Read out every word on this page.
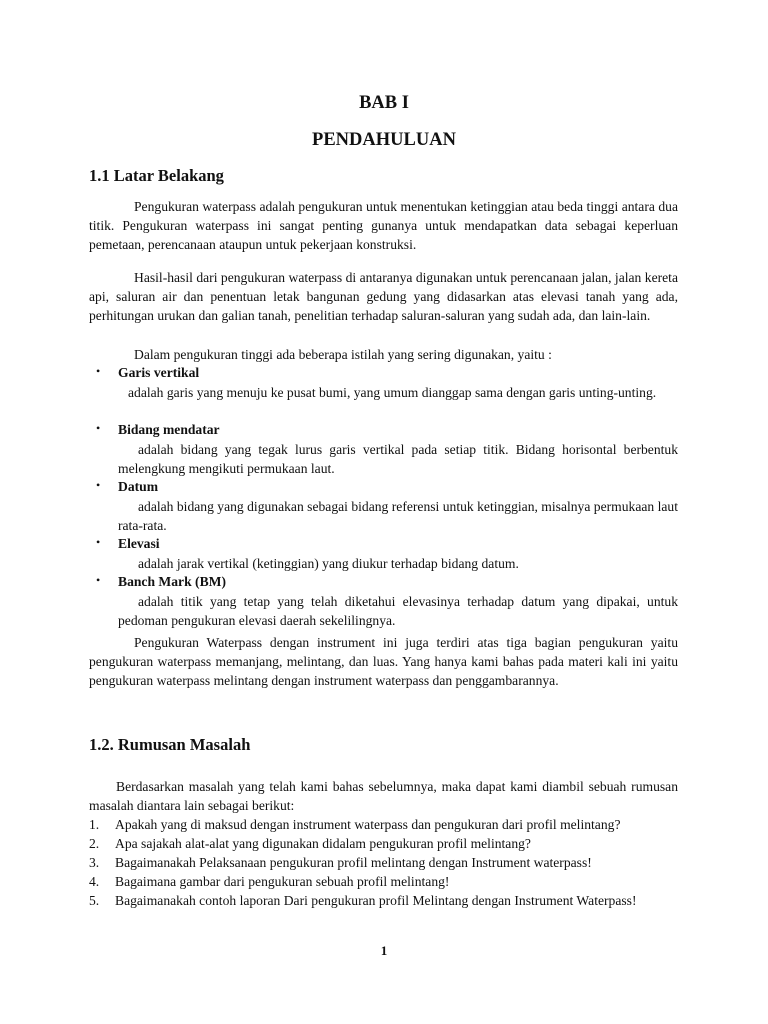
BAB I
PENDAHULUAN
1.1 Latar Belakang
Pengukuran waterpass adalah pengukuran untuk menentukan ketinggian atau beda tinggi antara dua titik. Pengukuran waterpass ini sangat penting gunanya untuk mendapatkan data sebagai keperluan pemetaan, perencanaan ataupun untuk pekerjaan konstruksi.
Hasil-hasil dari pengukuran waterpass di antaranya digunakan untuk perencanaan jalan, jalan kereta api, saluran air dan penentuan letak bangunan gedung yang didasarkan atas elevasi tanah yang ada, perhitungan urukan dan galian tanah, penelitian terhadap saluran-saluran yang sudah ada, dan lain-lain.
Dalam pengukuran tinggi ada beberapa istilah yang sering digunakan, yaitu :
• Garis vertikal
adalah garis yang menuju ke pusat bumi, yang umum dianggap sama dengan garis unting-unting.
• Bidang mendatar
adalah bidang yang tegak lurus garis vertikal pada setiap titik. Bidang horisontal berbentuk melengkung mengikuti permukaan laut.
• Datum
adalah bidang yang digunakan sebagai bidang referensi untuk ketinggian, misalnya permukaan laut rata-rata.
• Elevasi
adalah jarak vertikal (ketinggian) yang diukur terhadap bidang datum.
• Banch Mark (BM)
adalah titik yang tetap yang telah diketahui elevasinya terhadap datum yang dipakai, untuk pedoman pengukuran elevasi daerah sekelilingnya.
Pengukuran Waterpass dengan instrument ini juga terdiri atas tiga bagian pengukuran yaitu pengukuran waterpass memanjang, melintang, dan luas. Yang hanya kami bahas pada materi kali ini yaitu pengukuran waterpass melintang dengan instrument waterpass dan penggambarannya.
1.2. Rumusan Masalah
Berdasarkan masalah yang telah kami bahas sebelumnya, maka dapat kami diambil sebuah rumusan masalah diantara lain sebagai berikut:
1. Apakah yang di maksud dengan instrument waterpass dan pengukuran dari profil melintang?
2. Apa sajakah alat-alat yang digunakan didalam pengukuran profil melintang?
3. Bagaimanakah Pelaksanaan pengukuran profil melintang dengan Instrument waterpass!
4. Bagaimana gambar dari pengukuran sebuah profil melintang!
5. Bagaimanakah contoh laporan Dari pengukuran profil Melintang dengan Instrument Waterpass!
1
